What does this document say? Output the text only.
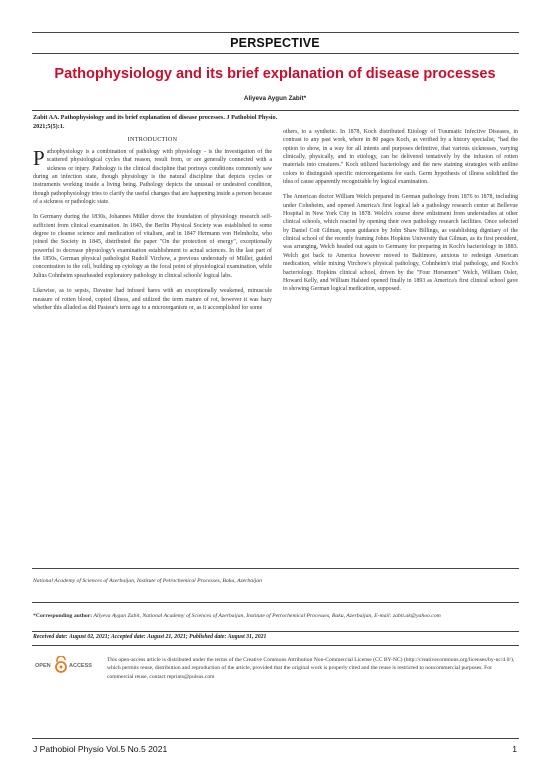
PERSPECTIVE
Pathophysiology and its brief explanation of disease processes
Aliyeva Aygun Zabit*
Zabit AA. Pathophysiology and its brief explanation of disease processes. J Pathobiol Physio. 2021;5(5):1.
INTRODUCTION

Pathophysiology is a combination of pathology with physiology - is the investigation of the scattered physiological cycles that reason, result from, or are generally connected with a sickness or injury. Pathology is the clinical discipline that portrays conditions commonly saw during an infection state, though physiology is the natural discipline that depicts cycles or instruments working inside a living being. Pathology depicts the unusual or undesired condition, though pathophysiology tries to clarify the useful changes that are happening inside a person because of a sickness or pathologic state.

In Germany during the 1830s, Johannes Müller drove the foundation of physiology research self-sufficient from clinical examination. In 1843, the Berlin Physical Society was established to some degree to cleanse science and medication of vitalism, and in 1847 Hermann von Helmholtz, who joined the Society in 1845, distributed the paper "On the protection of energy", exceptionally powerful to decrease physiology's examination establishment to actual sciences. In the last part of the 1850s, German physical pathologist Rudolf Virchow, a previous understudy of Müller, guided concentration to the cell, building up cytology as the focal point of physiological examination, while Julius Cohnheim spearheaded exploratory pathology in clinical schools' logical labs.

Likewise, as to sepsis, Davaine had infused hares with an exceptionally weakened, minuscule measure of rotten blood, copied illness, and utilized the term mature of rot, however it was hazy whether this alluded as did Pasteur's term age to a microorganism or, as it accomplished for some

others, to a synthetic. In 1878, Koch distributed Etiology of Traumatic Infective Diseases, in contrast to any past work, where in 80 pages Koch, as verified by a history specialist, "had the option to show, in a way for all intents and purposes definitive, that various sicknesses, varying clinically, physically, and in etiology, can be delivered tentatively by the infusion of rotten materials into creatures." Koch utilized bacteriology and the new staining strategies with aniline colors to distinguish specific microorganisms for each. Germ hypothesis of illness solidified the idea of cause apparently recognizable by logical examination.

The American doctor William Welch prepared in German pathology from 1876 to 1878, including under Cohnheim, and opened America's first logical lab a pathology research center at Bellevue Hospital in New York City in 1878. Welch's course drew enlistment from understudies at other clinical schools, which reacted by opening their own pathology research facilities. Once selected by Daniel Coit Gilman, upon guidance by John Shaw Billings, as establishing dignitary of the clinical school of the recently framing Johns Hopkins University that Gilman, as its first president, was arranging, Welch headed out again to Germany for preparing in Koch's bacteriology in 1883. Welch got back to America however moved to Baltimore, anxious to redesign American medication, while mixing Virchow's physical pathology, Cohnheim's trial pathology, and Koch's bacteriology. Hopkins clinical school, driven by the "Four Horsemen" Welch, William Osler, Howard Kelly, and William Halsted opened finally in 1893 as America's first clinical school gave to showing German logical medication, supposed.

National Academy of Sciences of Azerbaijan, Institute of Petrochemical Processes, Baku, Azerbaijan
*Corresponding author: Aliyeva Aygun Zabit, National Academy of Sciences of Azerbaijan, Institute of Petrochemical Processes, Baku, Azerbaijan, E-mail: zabit.ak@yahoo.com
Received date: August 02, 2021; Accepted date: August 21, 2021; Published date: August 31, 2021
OPEN	ACCESS
This open-access article is distributed under the terms of the Creative Commons Attribution Non-Commercial License (CC BY-NC) (http://creativecommons.org/licenses/by-nc/4.0/), which permits reuse, distribution and reproduction of the article, provided that the original work is properly cited and the reuse is restricted to noncommercial purposes. For commercial reuse, contact reprints@pulsus.com
J Pathobiol Physio Vol.5 No.5 2021	1
